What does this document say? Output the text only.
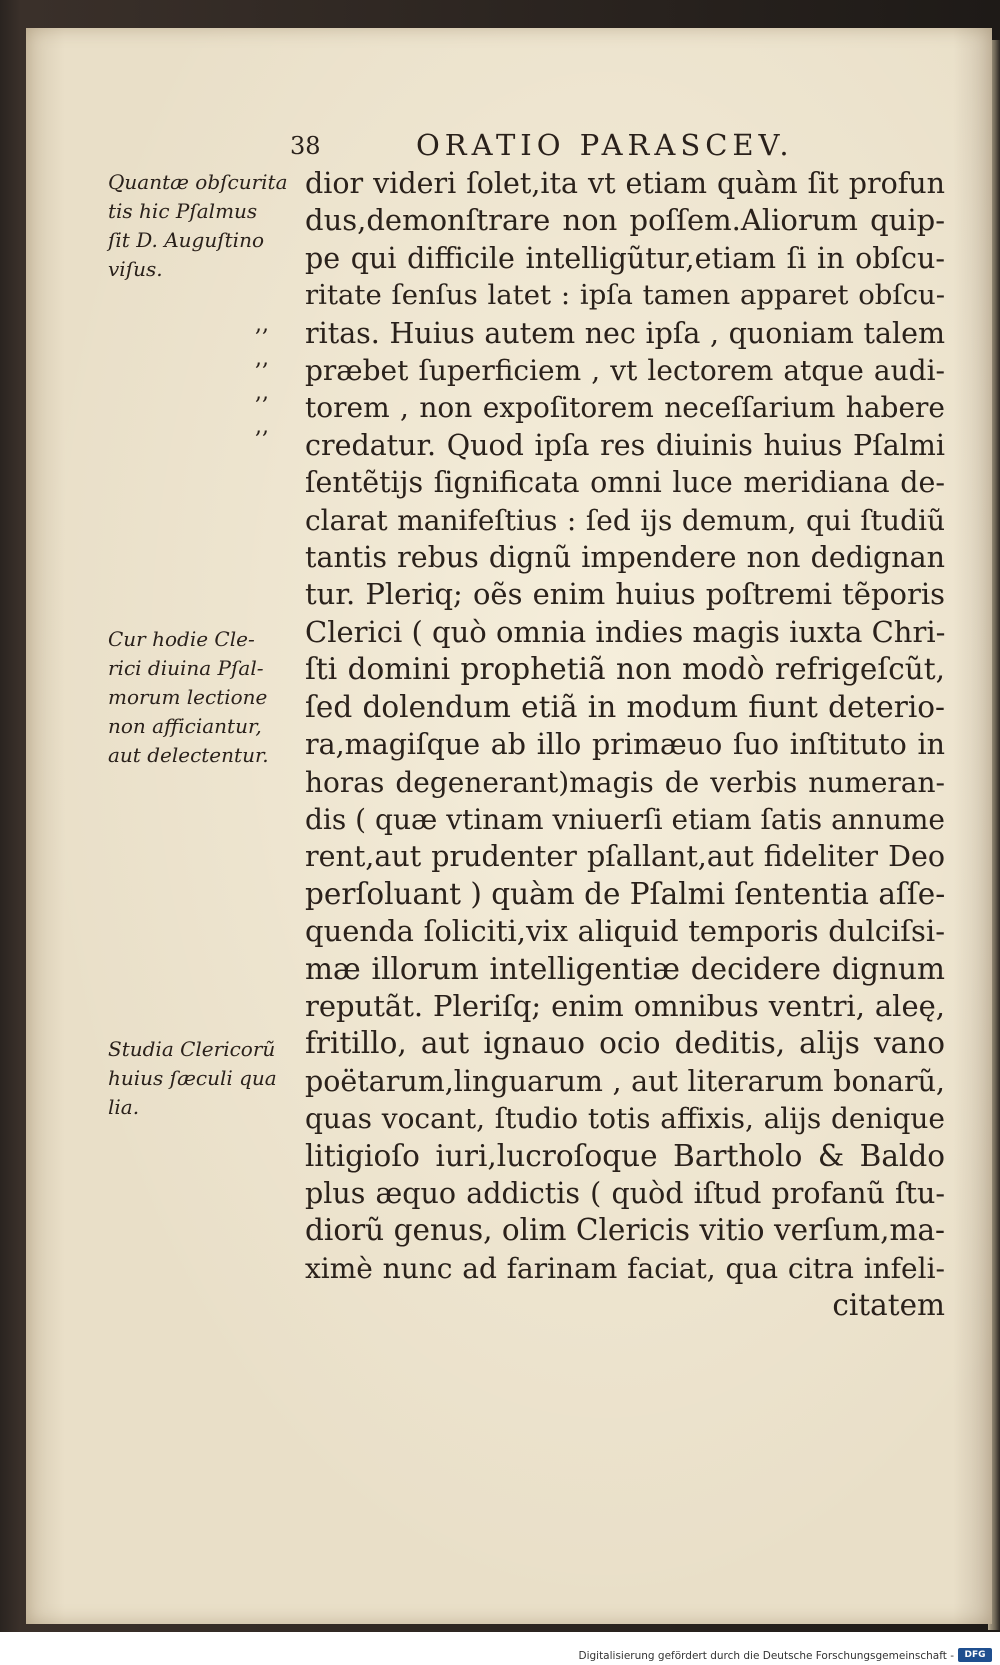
38	ORATIO PARASCEV.
Quantæ obſcurita
tis hic Pſalmus
ſit D. Auguſtino
viſus.
,,
,,
,,
,,
Cur hodie Cle-
rici diuina Pſal-
morum lectione
non afficiantur,
aut delectentur.
Studia Clericorũ
huius ſæculi qua
lia.
dior videri ſolet,ita vt etiam quàm ſit profun
dus,demonſtrare non poſſem.Aliorum quip-
pe qui difficile intelligũtur,etiam ſi in obſcu-
ritate ſenſus latet : ipſa tamen apparet obſcu-
ritas. Huius autem nec ipſa , quoniam talem
præbet ſuperficiem , vt lectorem atque audi-
torem , non expoſitorem neceſſarium habere
credatur. Quod ipſa res diuinis huius Pſalmi
ſentẽtijs ſignificata omni luce meridiana de-
clarat manifeſtius : ſed ijs demum, qui ſtudiũ
tantis rebus dignũ impendere non dedignan
tur. Pleriq; oẽs enim huius poſtremi tẽporis
Clerici ( quò omnia indies magis iuxta Chri-
ſti domini prophetiã non modò refrigeſcũt,
ſed dolendum etiã in modum fiunt deterio-
ra,magiſque ab illo primæuo ſuo inſtituto in
horas degenerant)magis de verbis numeran-
dis ( quæ vtinam vniuerſi etiam ſatis annume
rent,aut prudenter pſallant,aut fideliter Deo
perſoluant ) quàm de Pſalmi ſententia aſſe-
quenda ſoliciti,vix aliquid temporis dulciſsi-
mæ illorum intelligentiæ decidere dignum
reputãt. Pleriſq; enim omnibus ventri, aleę,
fritillo, aut ignauo ocio deditis, alijs vano
poëtarum,linguarum , aut literarum bonarũ,
quas vocant, ſtudio totis affixis, alijs denique
litigioſo iuri,lucroſoque Bartholo & Baldo
plus æquo addictis ( quòd iſtud profanũ ſtu-
diorũ genus, olim Clericis vitio verſum,ma-
ximè nunc ad farinam faciat, qua citra infeli-
citatem
Digitalisierung gefördert durch die Deutsche Forschungsgemeinschaft -	DFG
